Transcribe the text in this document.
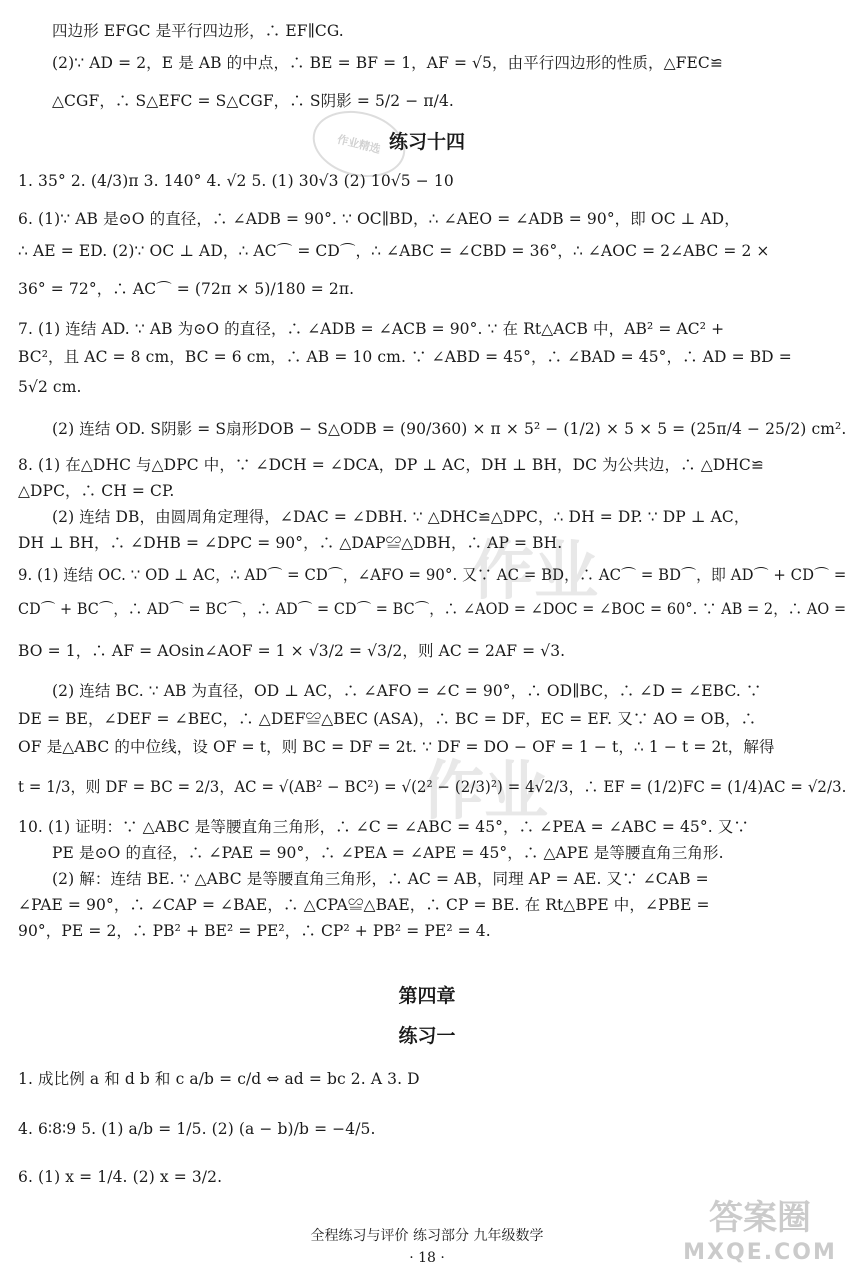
作业精选
作业
作业
四边形 EFGC 是平行四边形，∴ EF∥CG.
(2)∵ AD = 2，E 是 AB 的中点，∴ BE = BF = 1，AF = √5，由平行四边形的性质，△FEC≌
△CGF，∴ S△EFC = S△CGF，∴ S阴影 = 5/2 − π/4.
练习十四
1. 35° 2. (4/3)π 3. 140° 4. √2 5. (1) 30√3 (2) 10√5 − 10
6. (1)∵ AB 是⊙O 的直径，∴ ∠ADB = 90°. ∵ OC∥BD，∴ ∠AEO = ∠ADB = 90°，即 OC ⊥ AD，
∴ AE = ED. (2)∵ OC ⊥ AD，∴ AC⌒ = CD⌒，∴ ∠ABC = ∠CBD = 36°，∴ ∠AOC = 2∠ABC = 2 ×
36° = 72°，∴ AC⌒ = (72π × 5)/180 = 2π.
7. (1) 连结 AD. ∵ AB 为⊙O 的直径，∴ ∠ADB = ∠ACB = 90°. ∵ 在 Rt△ACB 中，AB² = AC² +
BC²，且 AC = 8 cm，BC = 6 cm，∴ AB = 10 cm. ∵ ∠ABD = 45°，∴ ∠BAD = 45°，∴ AD = BD =
5√2 cm.
(2) 连结 OD. S阴影 = S扇形DOB − S△ODB = (90/360) × π × 5² − (1/2) × 5 × 5 = (25π/4 − 25/2) cm².
8. (1) 在△DHC 与△DPC 中，∵ ∠DCH = ∠DCA，DP ⊥ AC，DH ⊥ BH，DC 为公共边，∴ △DHC≌
△DPC，∴ CH = CP.
(2) 连结 DB，由圆周角定理得，∠DAC = ∠DBH. ∵ △DHC≌△DPC，∴ DH = DP. ∵ DP ⊥ AC，
DH ⊥ BH，∴ ∠DHB = ∠DPC = 90°，∴ △DAP≌△DBH，∴ AP = BH.
9. (1) 连结 OC. ∵ OD ⊥ AC，∴ AD⌒ = CD⌒，∠AFO = 90°. 又∵ AC = BD，∴ AC⌒ = BD⌒，即 AD⌒ + CD⌒ =
CD⌒ + BC⌒，∴ AD⌒ = BC⌒，∴ AD⌒ = CD⌒ = BC⌒，∴ ∠AOD = ∠DOC = ∠BOC = 60°. ∵ AB = 2，∴ AO =
BO = 1，∴ AF = AOsin∠AOF = 1 × √3/2 = √3/2，则 AC = 2AF = √3.
(2) 连结 BC. ∵ AB 为直径，OD ⊥ AC，∴ ∠AFO = ∠C = 90°，∴ OD∥BC，∴ ∠D = ∠EBC. ∵
DE = BE，∠DEF = ∠BEC，∴ △DEF≌△BEC (ASA)，∴ BC = DF，EC = EF. 又∵ AO = OB，∴
OF 是△ABC 的中位线，设 OF = t，则 BC = DF = 2t. ∵ DF = DO − OF = 1 − t，∴ 1 − t = 2t，解得
t = 1/3，则 DF = BC = 2/3，AC = √(AB² − BC²) = √(2² − (2/3)²) = 4√2/3，∴ EF = (1/2)FC = (1/4)AC = √2/3.
10. (1) 证明：∵ △ABC 是等腰直角三角形，∴ ∠C = ∠ABC = 45°，∴ ∠PEA = ∠ABC = 45°. 又∵
PE 是⊙O 的直径，∴ ∠PAE = 90°，∴ ∠PEA = ∠APE = 45°，∴ △APE 是等腰直角三角形.
(2) 解：连结 BE. ∵ △ABC 是等腰直角三角形，∴ AC = AB，同理 AP = AE. 又∵ ∠CAB =
∠PAE = 90°，∴ ∠CAP = ∠BAE，∴ △CPA≌△BAE，∴ CP = BE. 在 Rt△BPE 中，∠PBE =
90°，PE = 2，∴ PB² + BE² = PE²，∴ CP² + PB² = PE² = 4.
第四章
练习一
1. 成比例 a 和 d b 和 c a/b = c/d ⇔ ad = bc 2. A 3. D
4. 6∶8∶9 5. (1) a/b = 1/5. (2) (a − b)/b = −4/5.
6. (1) x = 1/4. (2) x = 3/2.
全程练习与评价 练习部分 九年级数学
· 18 ·
答案圈
MXQE.COM
